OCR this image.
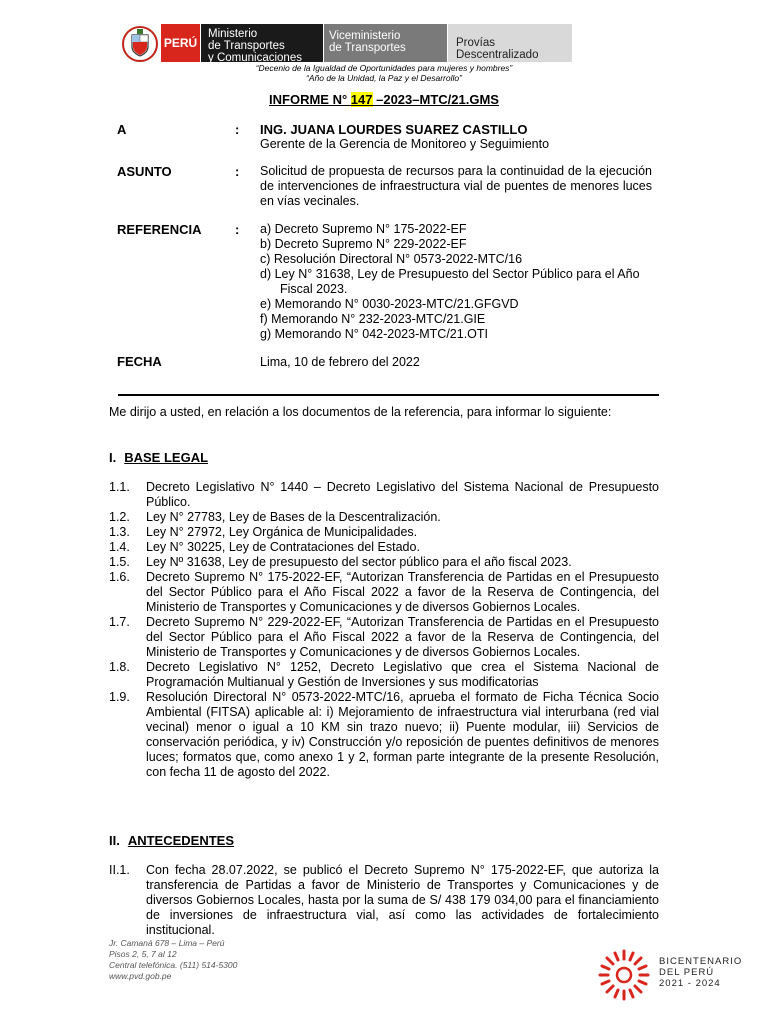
PERÚ
Ministerio
de Transportes
y Comunicaciones
Viceministerio
de Transportes	Provías
Descentralizado
“Decenio de la Igualdad de Oportunidades para mujeres y hombres”
“Año de la Unidad, la Paz y el Desarrollo”
INFORME N° 147 –2023–MTC/21.GMS
A	: ING. JUANA LOURDES SUAREZ CASTILLO
Gerente de la Gerencia de Monitoreo y Seguimiento
ASUNTO	: Solicitud de propuesta de recursos para la continuidad de la ejecución de intervenciones de infraestructura vial de puentes de menores luces en vías vecinales.
REFERENCIA	: a) Decreto Supremo N° 175-2022-EF
b) Decreto Supremo N° 229-2022-EF
c) Resolución Directoral N° 0573-2022-MTC/16
d) Ley N° 31638, Ley de Presupuesto del Sector Público para el Año Fiscal 2023.
e) Memorando N° 0030-2023-MTC/21.GFGVD
f) Memorando N° 232-2023-MTC/21.GIE
g) Memorando N° 042-2023-MTC/21.OTI
FECHA	Lima, 10 de febrero del 2022
Me dirijo a usted, en relación a los documentos de la referencia, para informar lo siguiente:
I. BASE LEGAL
1.1.	Decreto Legislativo N° 1440 – Decreto Legislativo del Sistema Nacional de Presupuesto Público.
1.2.	Ley N° 27783, Ley de Bases de la Descentralización.
1.3.	Ley N° 27972, Ley Orgánica de Municipalidades.
1.4.	Ley N° 30225, Ley de Contrataciones del Estado.
1.5.	Ley Nº 31638, Ley de presupuesto del sector público para el año fiscal 2023.
1.6.	Decreto Supremo N° 175-2022-EF, “Autorizan Transferencia de Partidas en el Presupuesto del Sector Público para el Año Fiscal 2022 a favor de la Reserva de Contingencia, del Ministerio de Transportes y Comunicaciones y de diversos Gobiernos Locales.
1.7.	Decreto Supremo N° 229-2022-EF, “Autorizan Transferencia de Partidas en el Presupuesto del Sector Público para el Año Fiscal 2022 a favor de la Reserva de Contingencia, del Ministerio de Transportes y Comunicaciones y de diversos Gobiernos Locales.
1.8.	Decreto Legislativo N° 1252, Decreto Legislativo que crea el Sistema Nacional de Programación Multianual y Gestión de Inversiones y sus modificatorias
1.9.	Resolución Directoral N° 0573-2022-MTC/16, aprueba el formato de Ficha Técnica Socio Ambiental (FITSA) aplicable al: i) Mejoramiento de infraestructura vial interurbana (red vial vecinal) menor o igual a 10 KM sin trazo nuevo; ii) Puente modular, iii) Servicios de conservación periódica, y iv) Construcción y/o reposición de puentes definitivos de menores luces; formatos que, como anexo 1 y 2, forman parte integrante de la presente Resolución, con fecha 11 de agosto del 2022.
II. ANTECEDENTES
II.1.	Con fecha 28.07.2022, se publicó el Decreto Supremo N° 175-2022-EF, que autoriza la transferencia de Partidas a favor de Ministerio de Transportes y Comunicaciones y de diversos Gobiernos Locales, hasta por la suma de S/ 438 179 034,00 para el financiamiento de inversiones de infraestructura vial, así como las actividades de fortalecimiento institucional.
Jr. Camaná 678 – Lima – Perú
Pisos 2, 5, 7 al 12
Central telefónica. (511) 514-5300
www.pvd.gob.pe
BICENTENARIO
DEL PERÚ
2021 - 2024
